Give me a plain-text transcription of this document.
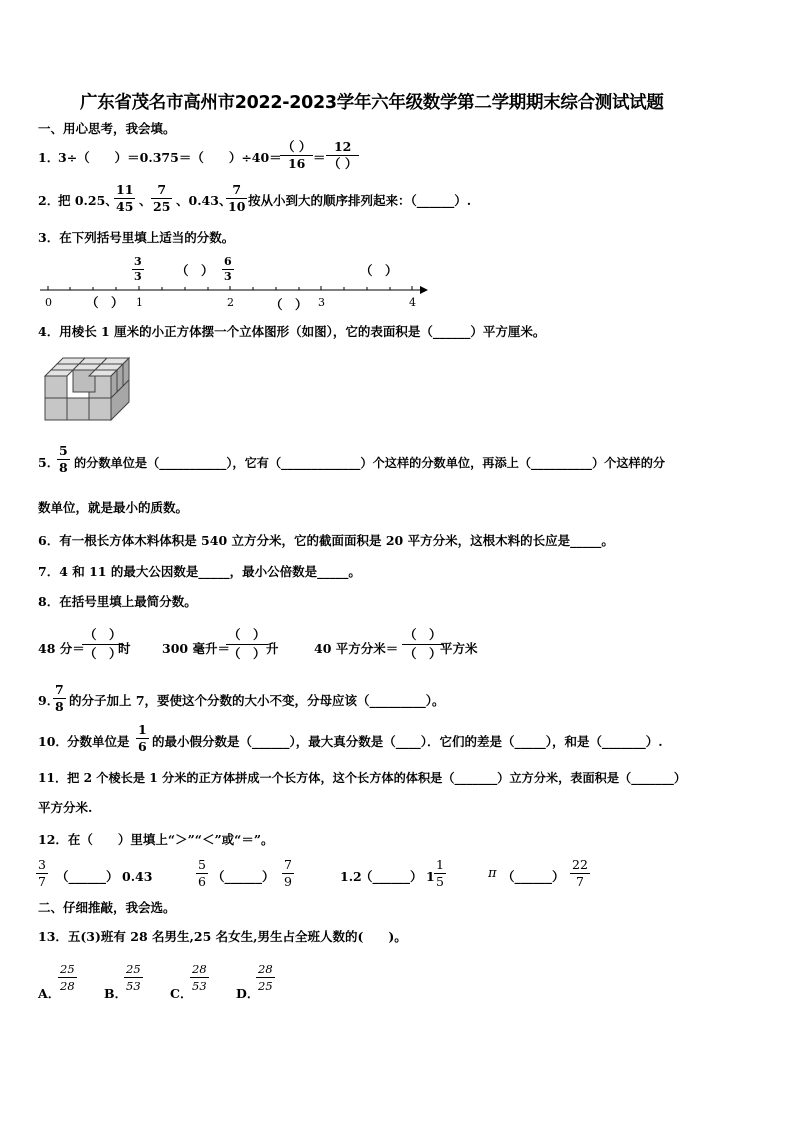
广东省茂名市高州市2022-2023学年六年级数学第二学期期末综合测试试题
一、用心思考，我会填。
1．
3÷（　　）＝0.375＝（　　）÷40＝
（ ）
16 ＝
12
（ ）
2．
把 0.25、
11
45 、
7
25 、0.43、
7
10 按从小到大的顺序排列起来：（______）.
3．在下列括号里填上适当的分数。
3
3	（　）
6
3	（　）
0	（　） 1	2	（　） 3	4
4．用棱长 1 厘米的小正方体摆一个立体图形（如图），它的表面积是（______）平方厘米。
5．
5
8 的分数单位是（___________），它有（_____________）个这样的分数单位，再添上（__________）个这样的分
数单位，就是最小的质数。
6．有一根长方体木料体积是 540 立方分米，它的截面面积是 20 平方分米，这根木料的长应是_____。
7．4 和 11 的最大公因数是_____，最小公倍数是_____。
8．在括号里填上最简分数。
48 分＝
（　）
（　）
时	300 毫升＝
（　）
（　） 升	40 平方分米＝
（　）
（　）
平方米
9．
7
8 的分子加上 7，要使这个分数的大小不变，分母应该（_________）。
10． 分数单位是
1
6 的最小假分数是（______），最大真分数是（____）．它们的差是（_____），和是（_______）.
11．把 2 个棱长是 1 分米的正方体拼成一个长方体，这个长方体的体积是（_______）立方分米，表面积是（_______）
平方分米.
12．在（　　）里填上“＞”“＜”或“＝”。
3
7 （______） 0.43
5
6 （______）
7
9	1.2
（______） 1
1
5
π （______）
22
7
二、仔细推敲，我会选。
13．五(3)班有 28 名男生,25 名女生,男生占全班人数的(　　)。
A．
25
28 B．
25
53 C．
28
53 D．
28
25
